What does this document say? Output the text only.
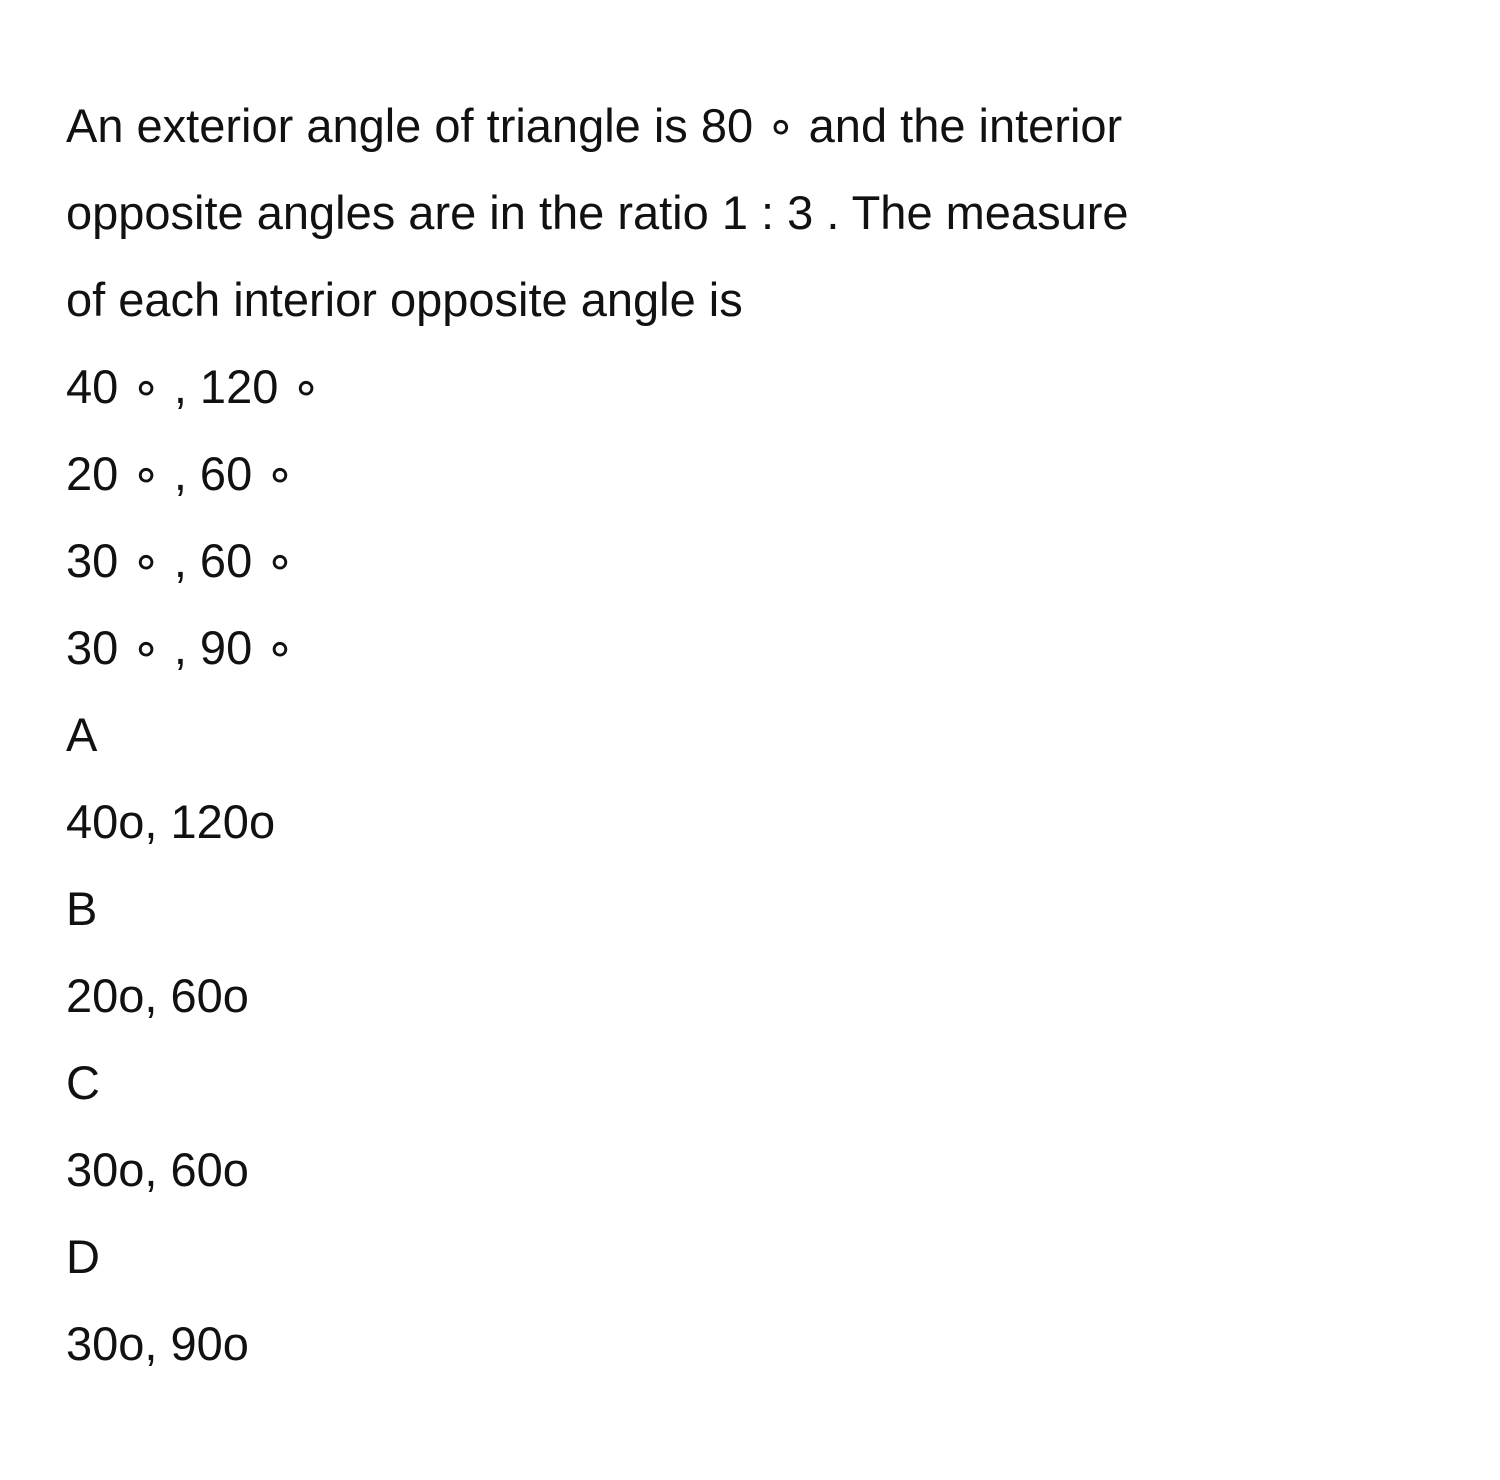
An exterior angle of triangle is 80 ∘ and the interior
opposite angles are in the ratio 1 : 3 . The measure
of each interior opposite angle is
40 ∘ , 120 ∘
20 ∘ , 60 ∘
30 ∘ , 60 ∘
30 ∘ , 90 ∘
A
40o, 120o
B
20o, 60o
C
30o, 60o
D
30o, 90o
